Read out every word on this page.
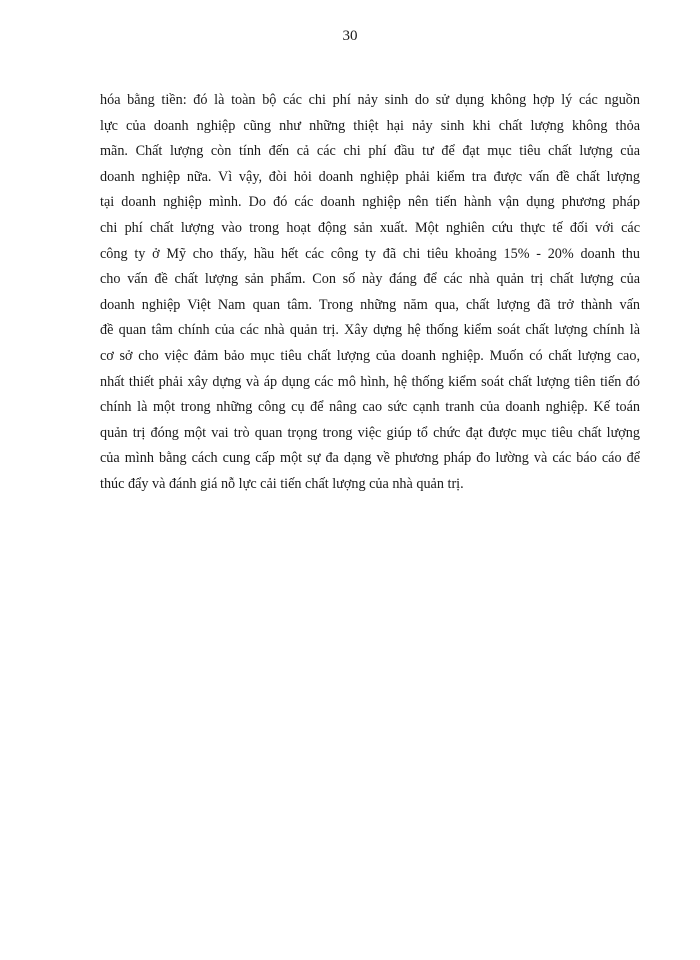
30
hóa bằng tiền: đó là toàn bộ các chi phí nảy sinh do sử dụng không hợp lý các nguồn
lực của doanh nghiệp cũng như những thiệt hại nảy sinh khi chất lượng không thỏa
mãn. Chất lượng còn tính đến cả các chi phí đầu tư để đạt mục tiêu chất lượng của
doanh nghiệp nữa. Vì vậy, đòi hỏi doanh nghiệp phải kiểm tra được vấn đề chất lượng
tại doanh nghiệp mình. Do đó các doanh nghiệp nên tiến hành vận dụng phương pháp
chi phí chất lượng vào trong hoạt động sản xuất. Một nghiên cứu thực tế đối với các
công ty ở Mỹ cho thấy, hầu hết các công ty đã chi tiêu khoảng 15% - 20% doanh thu
cho vấn đề chất lượng sản phẩm. Con số này đáng để các nhà quản trị chất lượng của
doanh nghiệp Việt Nam quan tâm. Trong những năm qua, chất lượng đã trở thành vấn
đề quan tâm chính của các nhà quản trị. Xây dựng hệ thống kiểm soát chất lượng chính là
cơ sở cho việc đảm bảo mục tiêu chất lượng của doanh nghiệp. Muốn có chất lượng cao,
nhất thiết phải xây dựng và áp dụng các mô hình, hệ thống kiểm soát chất lượng tiên tiến đó
chính là một trong những công cụ để nâng cao sức cạnh tranh của doanh nghiệp. Kế toán
quản trị đóng một vai trò quan trọng trong việc giúp tổ chức đạt được mục tiêu chất lượng
của mình bằng cách cung cấp một sự đa dạng về phương pháp đo lường và các báo cáo để
thúc đẩy và đánh giá nỗ lực cải tiến chất lượng của nhà quản trị.
